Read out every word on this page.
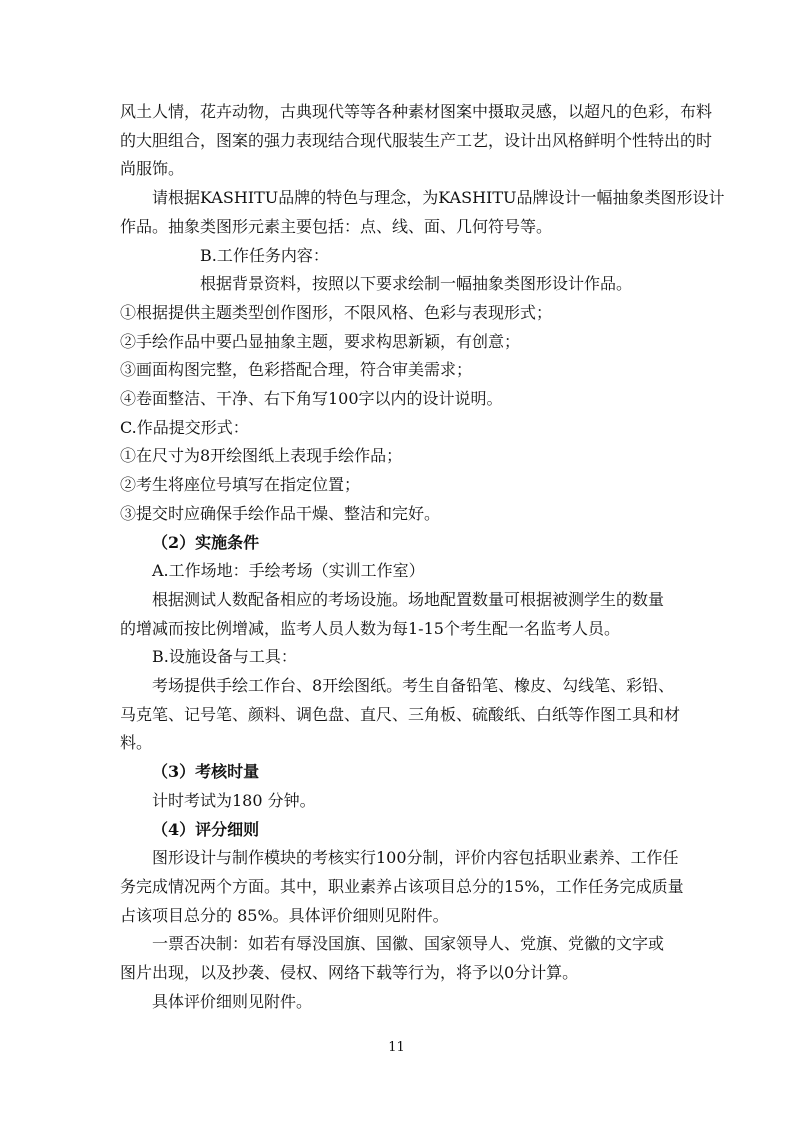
风土人情，花卉动物，古典现代等等各种素材图案中摄取灵感，以超凡的色彩，布料

的大胆组合，图案的强力表现结合现代服装生产工艺，设计出风格鲜明个性特出的时

尚服饰。

请根据KASHITU品牌的特色与理念，为KASHITU品牌设计一幅抽象类图形设计

作品。抽象类图形元素主要包括：点、线、面、几何符号等。

B.工作任务内容：

根据背景资料，按照以下要求绘制一幅抽象类图形设计作品。

①根据提供主题类型创作图形，不限风格、色彩与表现形式；

②手绘作品中要凸显抽象主题，要求构思新颖，有创意；

③画面构图完整，色彩搭配合理，符合审美需求；

④卷面整洁、干净、右下角写100字以内的设计说明。

C.作品提交形式：

①在尺寸为8开绘图纸上表现手绘作品；

②考生将座位号填写在指定位置；

③提交时应确保手绘作品干燥、整洁和完好。

（2）实施条件

A.工作场地：手绘考场（实训工作室）

根据测试人数配备相应的考场设施。场地配置数量可根据被测学生的数量

的增减而按比例增减，监考人员人数为每1-15个考生配一名监考人员。

B.设施设备与工具：

考场提供手绘工作台、8开绘图纸。考生自备铅笔、橡皮、勾线笔、彩铅、

马克笔、记号笔、颜料、调色盘、直尺、三角板、硫酸纸、白纸等作图工具和材

料。

（3）考核时量

计时考试为180 分钟。

（4）评分细则

图形设计与制作模块的考核实行100分制，评价内容包括职业素养、工作任

务完成情况两个方面。其中，职业素养占该项目总分的15%，工作任务完成质量

占该项目总分的 85%。具体评价细则见附件。

一票否决制：如若有辱没国旗、国徽、国家领导人、党旗、党徽的文字或

图片出现，以及抄袭、侵权、网络下载等行为，将予以0分计算。

具体评价细则见附件。

11
